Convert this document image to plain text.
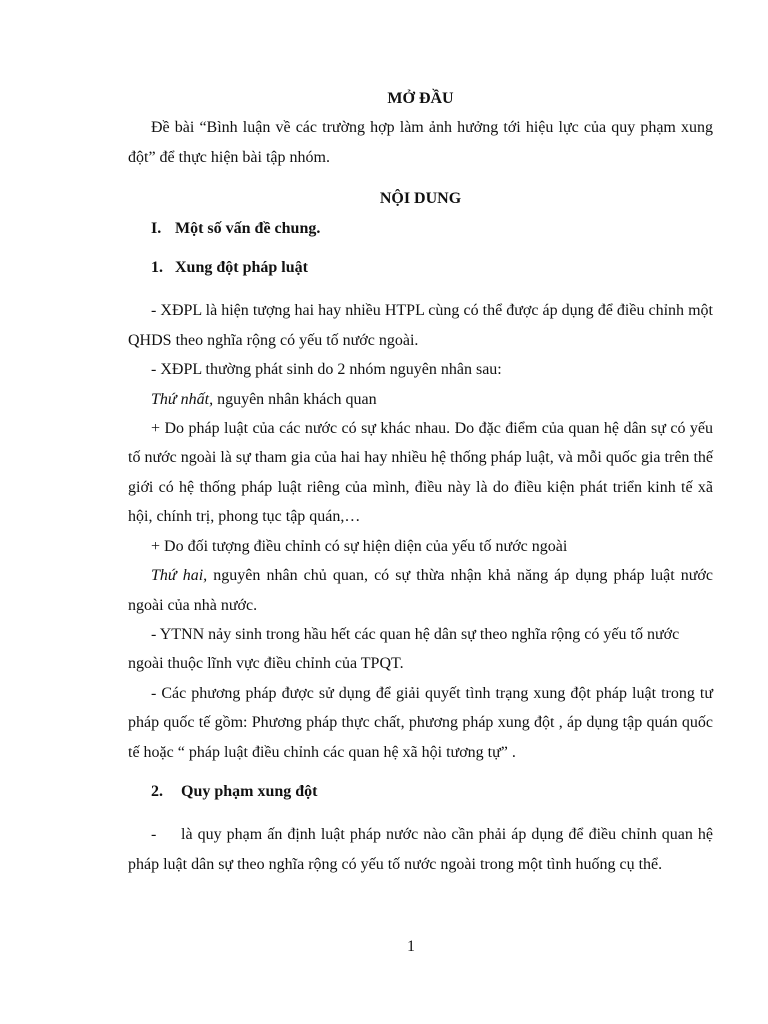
MỞ ĐẦU

Đề bài “Bình luận về các trường hợp làm ảnh hưởng tới hiệu lực của quy phạm xung đột” để thực hiện bài tập nhóm.

NỘI DUNG

I. Một số vấn đề chung.

1. Xung đột pháp luật

- XĐPL là hiện tượng hai hay nhiều HTPL cùng có thể được áp dụng để điều chỉnh một QHDS theo nghĩa rộng có yếu tố nước ngoài.

- XĐPL thường phát sinh do 2 nhóm nguyên nhân sau:

Thứ nhất, nguyên nhân khách quan

+ Do pháp luật của các nước có sự khác nhau. Do đặc điểm của quan hệ dân sự có yếu tố nước ngoài là sự tham gia của hai hay nhiều hệ thống pháp luật, và mỗi quốc gia trên thế giới có hệ thống pháp luật riêng của mình, điều này là do điều kiện phát triển kinh tế xã hội, chính trị, phong tục tập quán,…

+ Do đối tượng điều chỉnh có sự hiện diện của yếu tố nước ngoài

Thứ hai, nguyên nhân chủ quan, có sự thừa nhận khả năng áp dụng pháp luật nước ngoài của nhà nước.

- YTNN nảy sinh trong hầu hết các quan hệ dân sự theo nghĩa rộng có yếu tố nước ngoài thuộc lĩnh vực điều chỉnh của TPQT.

- Các phương pháp được sử dụng để giải quyết tình trạng xung đột pháp luật trong tư pháp quốc tế gồm: Phương pháp thực chất, phương pháp xung đột , áp dụng tập quán quốc tế hoặc “ pháp luật điều chỉnh các quan hệ xã hội tương tự” .

2. Quy phạm xung đột

- là quy phạm ấn định luật pháp nước nào cần phải áp dụng để điều chỉnh quan hệ pháp luật dân sự theo nghĩa rộng có yếu tố nước ngoài trong một tình huống cụ thể.

1
